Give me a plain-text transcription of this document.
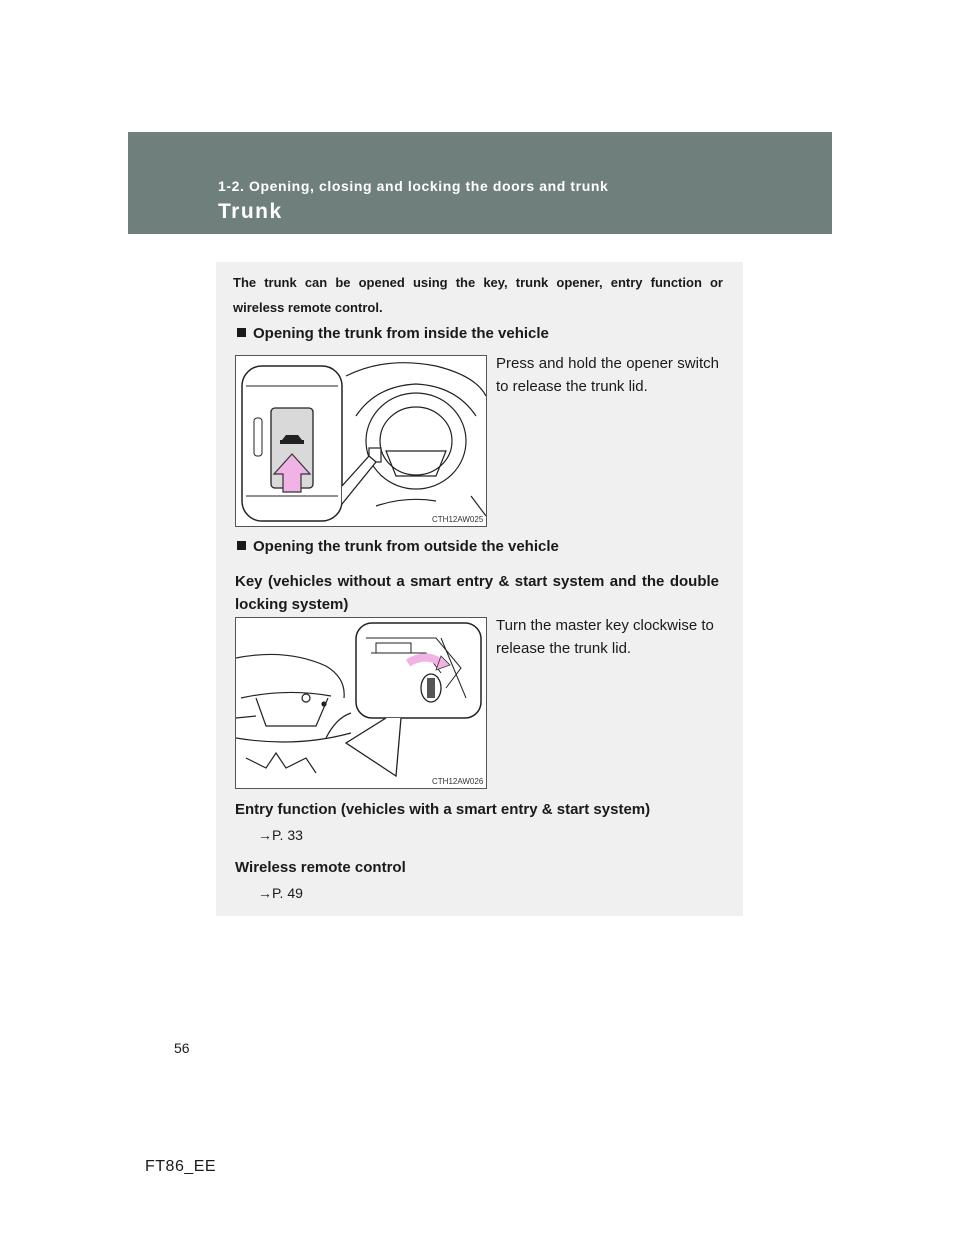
1-2. Opening, closing and locking the doors and trunk
Trunk
The trunk can be opened using the key, trunk opener, entry function or wireless remote control.
Opening the trunk from inside the vehicle
CTH12AW025
Press and hold the opener switch to release the trunk lid.
Opening the trunk from outside the vehicle
Key (vehicles without a smart entry & start system and the double locking system)
CTH12AW026
Turn the master key clockwise to release the trunk lid.
Entry function (vehicles with a smart entry & start system)
→P. 33
Wireless remote control
→P. 49
56
FT86_EE
